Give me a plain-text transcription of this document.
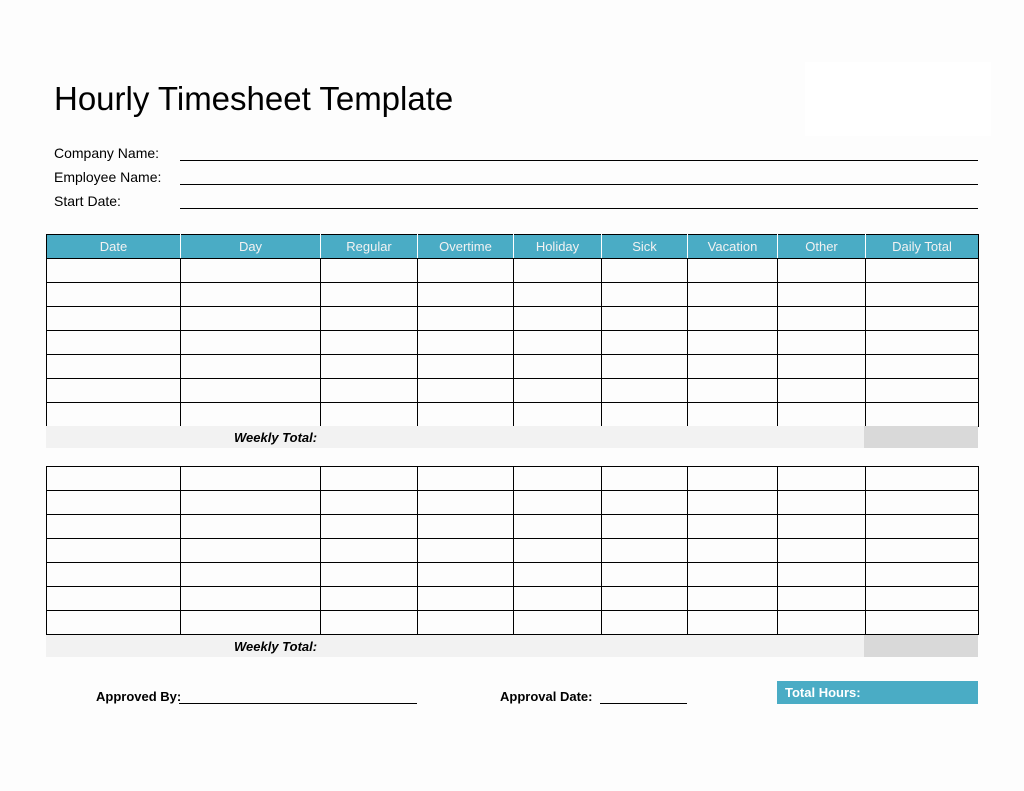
Hourly Timesheet Template
Company Name:
Employee Name:
Start Date:
Date	Day	Regular	Overtime	Holiday	Sick	Vacation	Other	Daily Total

Weekly Total:

Weekly Total:
Approved By:	Approval Date:	Total Hours:
